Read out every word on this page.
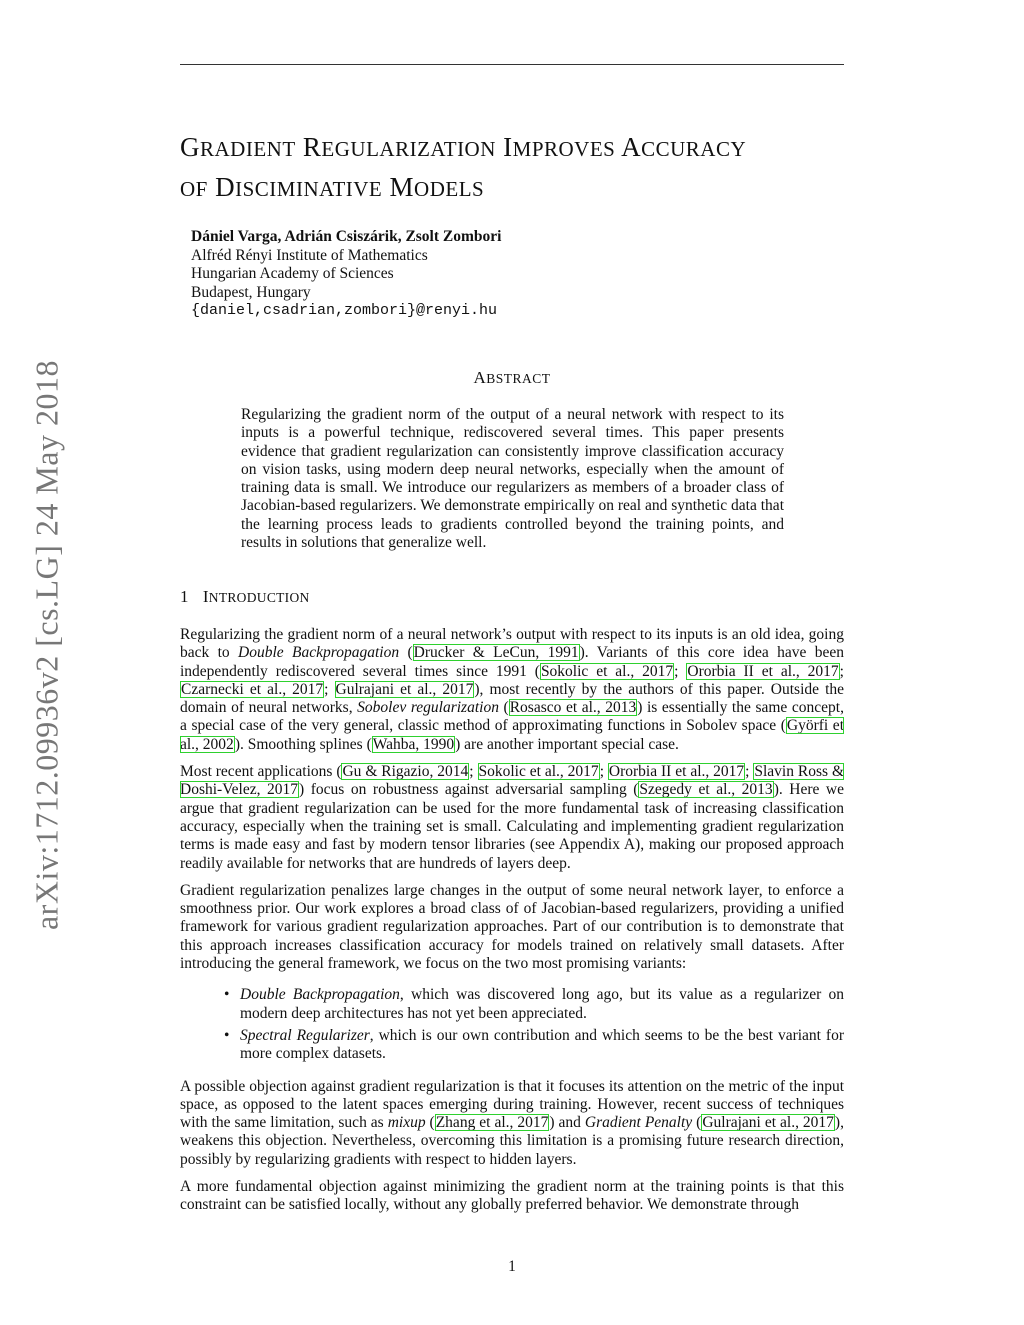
arXiv:1712.09936v2 [cs.LG] 24 May 2018
GRADIENT REGULARIZATION IMPROVES ACCURACY
OF DISCIMINATIVE MODELS
Dániel Varga, Adrián Csiszárik, Zsolt Zombori
Alfréd Rényi Institute of Mathematics
Hungarian Academy of Sciences
Budapest, Hungary
{daniel,csadrian,zombori}@renyi.hu
ABSTRACT

Regularizing the gradient norm of the output of a neural network with respect to its inputs is a powerful technique, rediscovered several times. This paper presents evidence that gradient regularization can consistently improve classification accuracy on vision tasks, using modern deep neural networks, especially when the amount of training data is small. We introduce our regularizers as members of a broader class of Jacobian-based regularizers. We demonstrate empirically on real and synthetic data that the learning process leads to gradients controlled beyond the training points, and results in solutions that generalize well.

1 INTRODUCTION

Regularizing the gradient norm of a neural network’s output with respect to its inputs is an old idea, going back to Double Backpropagation (Drucker & LeCun, 1991). Variants of this core idea have been independently rediscovered several times since 1991 (Sokolic et al., 2017; Ororbia II et al., 2017; Czarnecki et al., 2017; Gulrajani et al., 2017), most recently by the authors of this paper. Outside the domain of neural networks, Sobolev regularization (Rosasco et al., 2013) is essentially the same concept, a special case of the very general, classic method of approximating functions in Sobolev space (Györfi et al., 2002). Smoothing splines (Wahba, 1990) are another important special case.

Most recent applications (Gu & Rigazio, 2014; Sokolic et al., 2017; Ororbia II et al., 2017; Slavin Ross & Doshi-Velez, 2017) focus on robustness against adversarial sampling (Szegedy et al., 2013). Here we argue that gradient regularization can be used for the more fundamental task of increasing classification accuracy, especially when the training set is small. Calculating and implementing gradient regularization terms is made easy and fast by modern tensor libraries (see Appendix A), making our proposed approach readily available for networks that are hundreds of layers deep.

Gradient regularization penalizes large changes in the output of some neural network layer, to enforce a smoothness prior. Our work explores a broad class of of Jacobian-based regularizers, providing a unified framework for various gradient regularization approaches. Part of our contribution is to demonstrate that this approach increases classification accuracy for models trained on relatively small datasets. After introducing the general framework, we focus on the two most promising variants:

• Double Backpropagation, which was discovered long ago, but its value as a regularizer on modern deep architectures has not yet been appreciated.
• Spectral Regularizer, which is our own contribution and which seems to be the best variant for more complex datasets.

A possible objection against gradient regularization is that it focuses its attention on the metric of the input space, as opposed to the latent spaces emerging during training. However, recent success of techniques with the same limitation, such as mixup (Zhang et al., 2017) and Gradient Penalty (Gulrajani et al., 2017), weakens this objection. Nevertheless, overcoming this limitation is a promising future research direction, possibly by regularizing gradients with respect to hidden layers.

A more fundamental objection against minimizing the gradient norm at the training points is that this constraint can be satisfied locally, without any globally preferred behavior. We demonstrate through

1
